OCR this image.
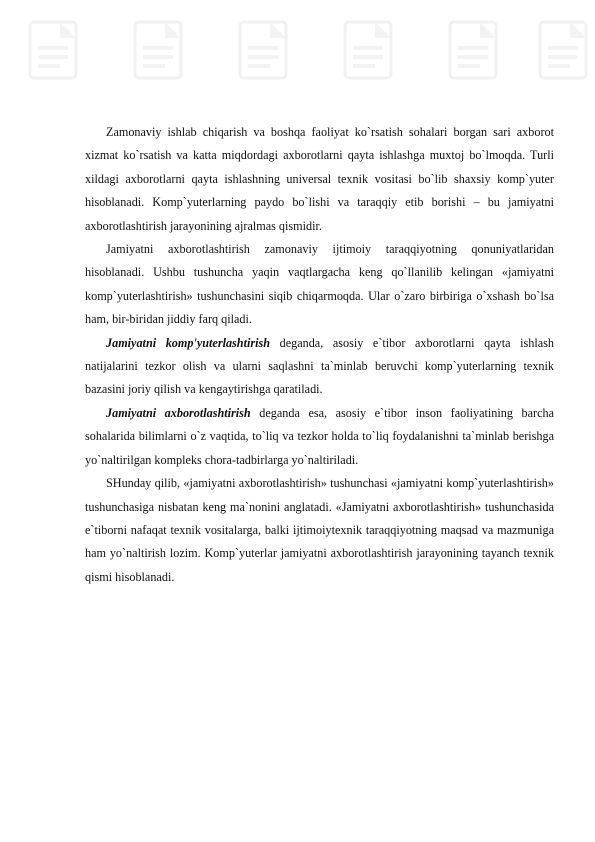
Zamonaviy ishlab chiqarish va boshqa faoliyat ko`rsatish sohalari borgan sari axborot xizmat ko`rsatish va katta miqdordagi axborotlarni qayta ishlashga muxtoj bo`lmoqda. Turli xildagi axborotlarni qayta ishlashning universal texnik vositasi bo`lib shaxsiy komp`yuter hisoblanadi. Komp`yuterlarning paydo bo`lishi va taraqqiy etib borishi – bu jamiyatni axborotlashtirish jarayonining ajralmas qismidir.

Jamiyatni axborotlashtirish zamonaviy ijtimoiy taraqqiyotning qonuniyatlaridan hisoblanadi. Ushbu tushuncha yaqin vaqtlargacha keng qo`llanilib kelingan «jamiyatni komp`yuterlashtirish» tushunchasini siqib chiqarmoqda. Ular o`zaro birbiriga o`xshash bo`lsa ham, bir-biridan jiddiy farq qiladi.

Jamiyatni komp'yuterlashtirish deganda, asosiy e`tibor axborotlarni qayta ishlash natijalarini tezkor olish va ularni saqlashni ta`minlab beruvchi komp`yuterlarning texnik bazasini joriy qilish va kengaytirishga qaratiladi.

Jamiyatni axborotlashtirish deganda esa, asosiy e`tibor inson faoliyatining barcha sohalarida bilimlarni o`z vaqtida, to`liq va tezkor holda to`liq foydalanishni ta`minlab berishga yo`naltirilgan kompleks chora-tadbirlarga yo`naltiriladi.

SHunday qilib, «jamiyatni axborotlashtirish» tushunchasi «jamiyatni komp`yuterlashtirish» tushunchasiga nisbatan keng ma`nonini anglatadi. «Jamiyatni axborotlashtirish» tushunchasida e`tiborni nafaqat texnik vositalarga, balki ijtimoiytexnik taraqqiyotning maqsad va mazmuniga ham yo`naltirish lozim. Komp`yuterlar jamiyatni axborotlashtirish jarayonining tayanch texnik qismi hisoblanadi.
